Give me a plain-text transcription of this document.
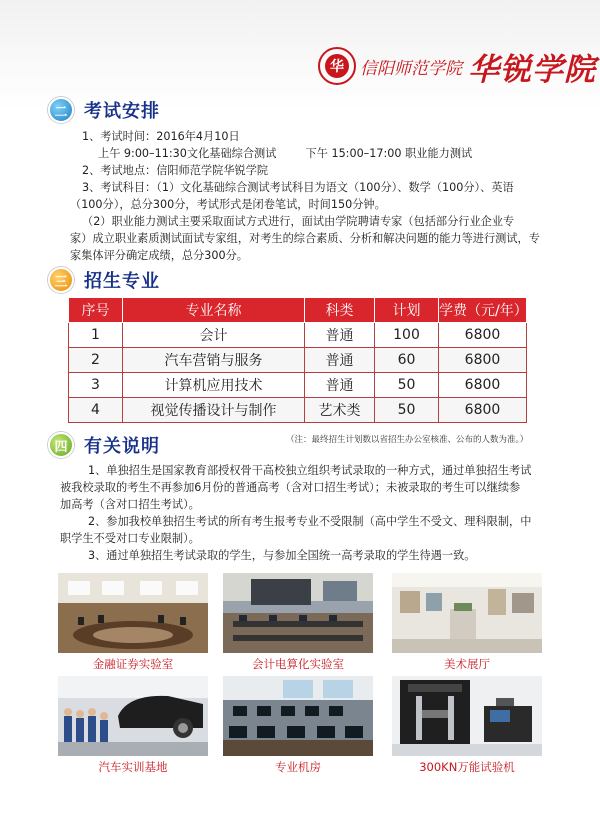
华 信阳师范学院 华锐学院
二 考试安排
1、考试时间：2016年4月10日
上午 9:00–11:30文化基础综合测试	下午 15:00–17:00 职业能力测试
2、考试地点：信阳师范学院华锐学院
3、考试科目：（1）文化基础综合测试考试科目为语文（100分）、数学（100分）、英语
（100分），总分300分，考试形式是闭卷笔试，时间150分钟。
（2）职业能力测试主要采取面试方式进行，面试由学院聘请专家（包括部分行业企业专
家）成立职业素质测试面试专家组，对考生的综合素质、分析和解决问题的能力等进行测试，专
家集体评分确定成绩，总分300分。
三 招生专业
序号	专业名称	科类	计划	学费（元/年）
1	会计	普通	100	6800
2	汽车营销与服务	普通	60	6800
3	计算机应用技术	普通	50	6800
4	视觉传播设计与制作	艺术类	50	6800
（注：最终招生计划数以省招生办公室核准、公布的人数为准。）
四 有关说明
1、单独招生是国家教育部授权骨干高校独立组织考试录取的一种方式，通过单独招生考试
被我校录取的考生不再参加6月份的普通高考（含对口招生考试）；未被录取的考生可以继续参
加高考（含对口招生考试）。
2、参加我校单独招生考试的所有考生报考专业不受限制（高中学生不受文、理科限制，中
职学生不受对口专业限制）。
3、通过单独招生考试录取的学生，与参加全国统一高考录取的学生待遇一致。
金融证券实验室	会计电算化实验室	美术展厅
汽车实训基地	专业机房	300KN万能试验机
